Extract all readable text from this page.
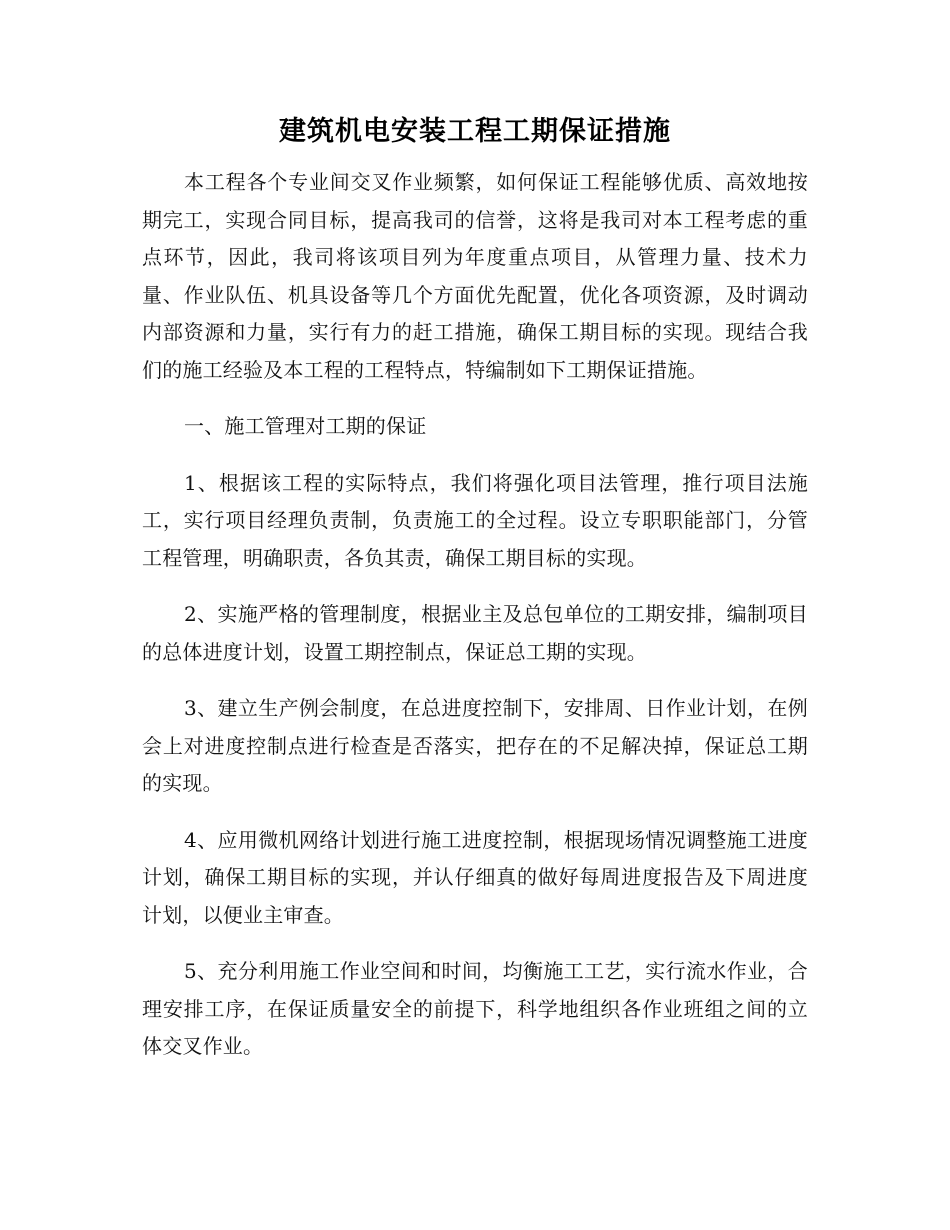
建筑机电安装工程工期保证措施

本工程各个专业间交叉作业频繁，如何保证工程能够优质、高效地按期完工，实现合同目标，提高我司的信誉，这将是我司对本工程考虑的重点环节，因此，我司将该项目列为年度重点项目，从管理力量、技术力量、作业队伍、机具设备等几个方面优先配置，优化各项资源，及时调动内部资源和力量，实行有力的赶工措施，确保工期目标的实现。现结合我们的施工经验及本工程的工程特点，特编制如下工期保证措施。

一、施工管理对工期的保证

1、根据该工程的实际特点，我们将强化项目法管理，推行项目法施工，实行项目经理负责制，负责施工的全过程。设立专职职能部门，分管工程管理，明确职责，各负其责，确保工期目标的实现。

2、实施严格的管理制度，根据业主及总包单位的工期安排，编制项目的总体进度计划，设置工期控制点，保证总工期的实现。

3、建立生产例会制度，在总进度控制下，安排周、日作业计划，在例会上对进度控制点进行检查是否落实，把存在的不足解决掉，保证总工期的实现。

4、应用微机网络计划进行施工进度控制，根据现场情况调整施工进度计划，确保工期目标的实现，并认仔细真的做好每周进度报告及下周进度计划，以便业主审查。

5、充分利用施工作业空间和时间，均衡施工工艺，实行流水作业，合理安排工序，在保证质量安全的前提下，科学地组织各作业班组之间的立体交叉作业。
